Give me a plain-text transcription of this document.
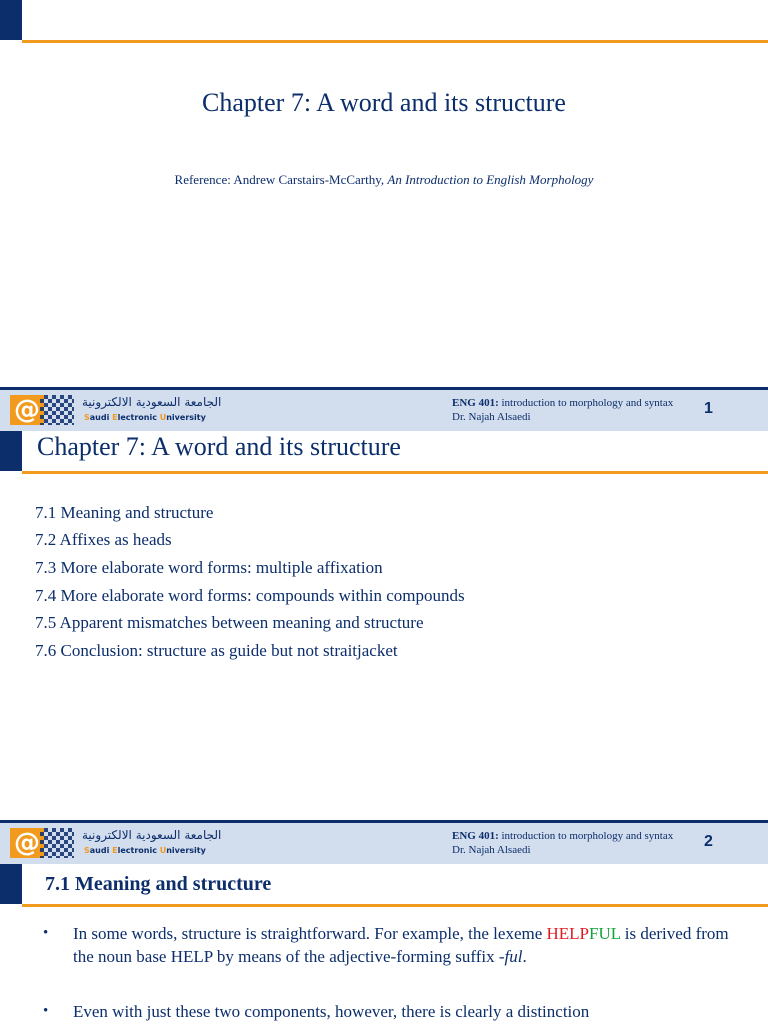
Chapter 7: A word and its structure
Reference: Andrew Carstairs-McCarthy, An Introduction to English Morphology
@	الجامعة السعودية الالكترونية
Saudi Electronic University
ENG 401: introduction to morphology and syntax
Dr. Najah Alsaedi	1
Chapter 7: A word and its structure
7.1 Meaning and structure
7.2 Affixes as heads
7.3 More elaborate word forms: multiple affixation
7.4 More elaborate word forms: compounds within compounds
7.5 Apparent mismatches between meaning and structure
7.6 Conclusion: structure as guide but not straitjacket
@	الجامعة السعودية الالكترونية
Saudi Electronic University
ENG 401: introduction to morphology and syntax
Dr. Najah Alsaedi	2
7.1 Meaning and structure
• In some words, structure is straightforward. For example, the lexeme HELPFUL is derived from the noun base HELP by means of the adjective-forming suffix -ful.
• Even with just these two components, however, there is clearly a distinction
